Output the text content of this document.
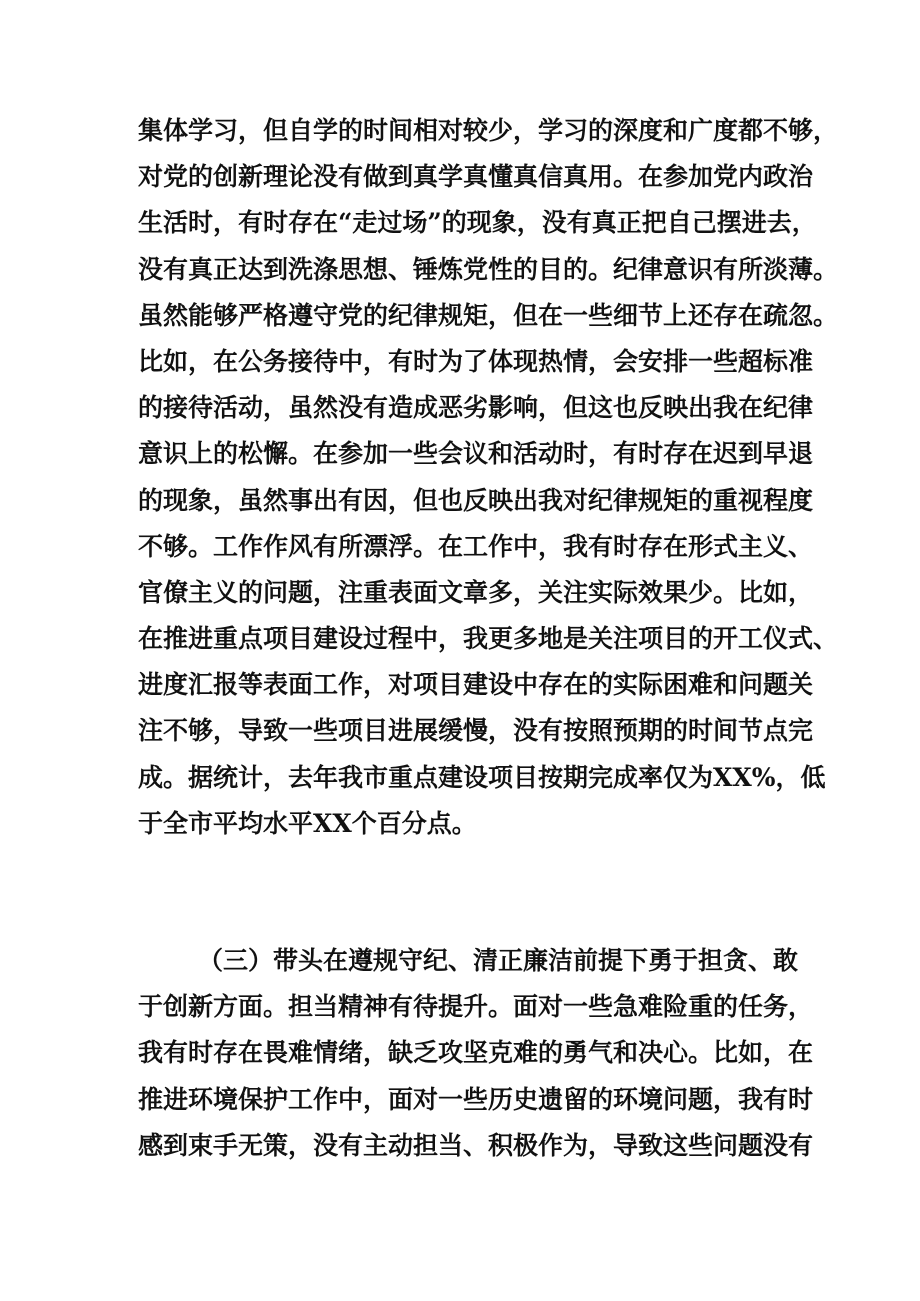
集体学习，但自学的时间相对较少，学习的深度和广度都不够，
对党的创新理论没有做到真学真懂真信真用。在参加党内政治
生活时，有时存在“走过场”的现象，没有真正把自己摆进去，
没有真正达到洗涤思想、锤炼党性的目的。纪律意识有所淡薄。
虽然能够严格遵守党的纪律规矩，但在一些细节上还存在疏忽。
比如，在公务接待中，有时为了体现热情，会安排一些超标准
的接待活动，虽然没有造成恶劣影响，但这也反映出我在纪律
意识上的松懈。在参加一些会议和活动时，有时存在迟到早退
的现象，虽然事出有因，但也反映出我对纪律规矩的重视程度
不够。工作作风有所漂浮。在工作中，我有时存在形式主义、
官僚主义的问题，注重表面文章多，关注实际效果少。比如，
在推进重点项目建设过程中，我更多地是关注项目的开工仪式、
进度汇报等表面工作，对项目建设中存在的实际困难和问题关
注不够，导致一些项目进展缓慢，没有按照预期的时间节点完
成。据统计，去年我市重点建设项目按期完成率仅为XX%，低
于全市平均水平XX个百分点。
（三）带头在遵规守纪、清正廉洁前提下勇于担贪、敢
于创新方面。担当精神有待提升。面对一些急难险重的任务，
我有时存在畏难情绪，缺乏攻坚克难的勇气和决心。比如，在
推进环境保护工作中，面对一些历史遗留的环境问题，我有时
感到束手无策，没有主动担当、积极作为，导致这些问题没有
